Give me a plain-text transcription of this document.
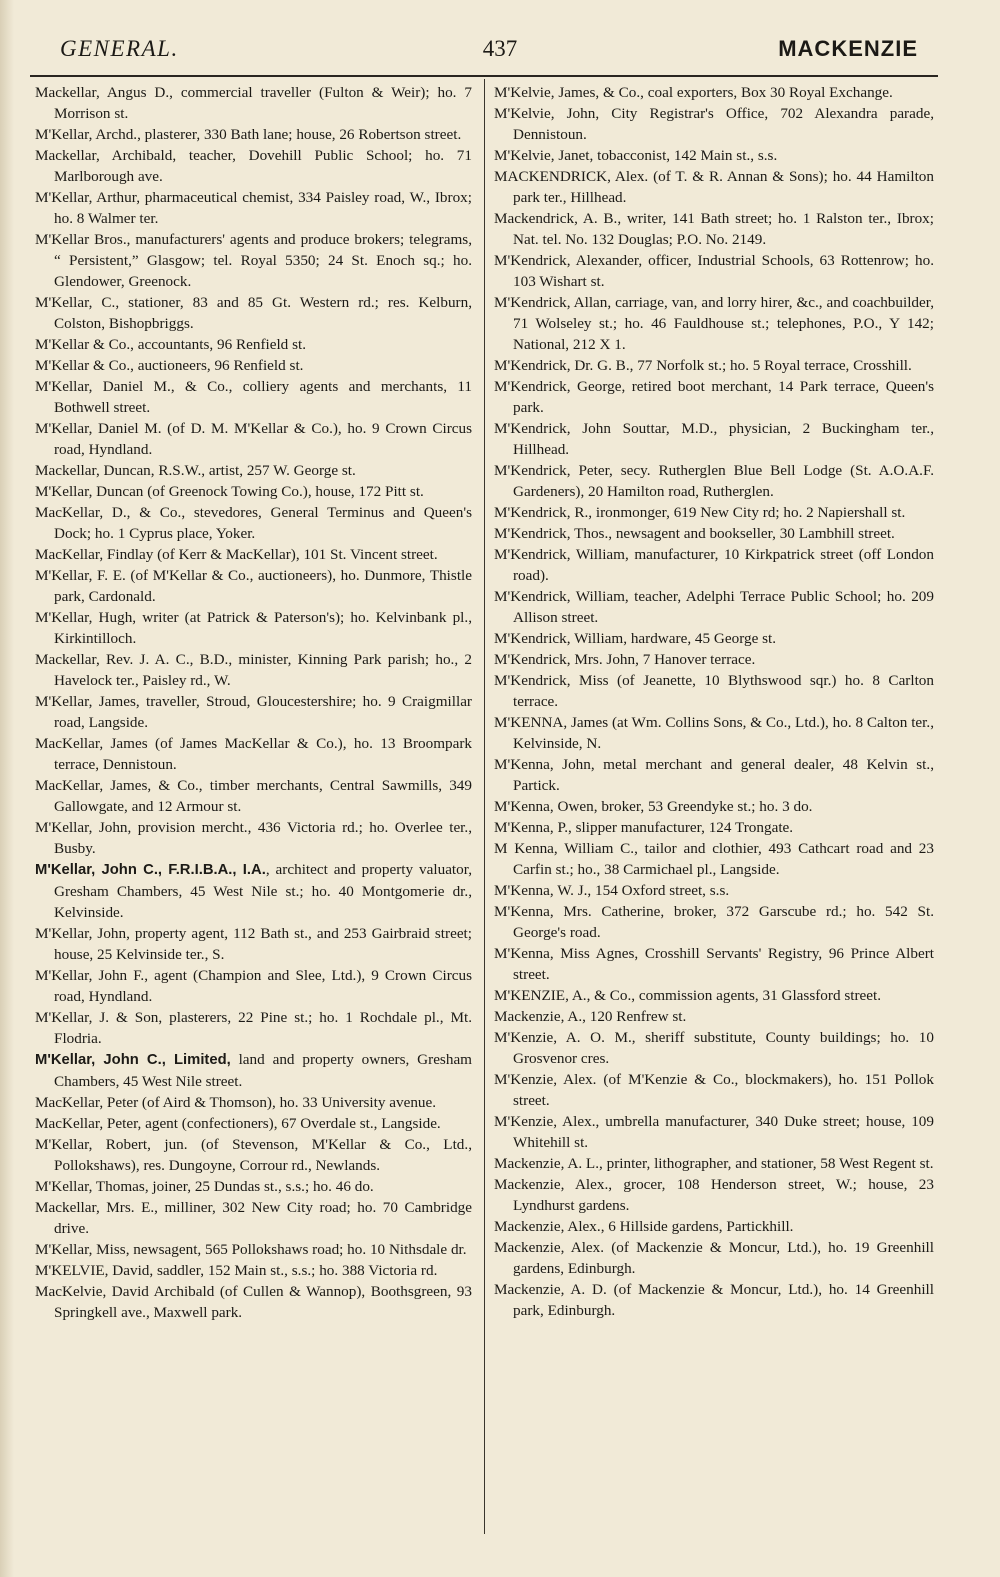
GENERAL.	437	MACKENZIE

Mackellar, Angus D., commercial traveller (Fulton & Weir); ho. 7 Morrison st.

M'Kellar, Archd., plasterer, 330 Bath lane; house, 26 Robertson street.

Mackellar, Archibald, teacher, Dovehill Public School; ho. 71 Marlborough ave.

M'Kellar, Arthur, pharmaceutical chemist, 334 Paisley road, W., Ibrox; ho. 8 Walmer ter.

M'Kellar Bros., manufacturers' agents and produce brokers; telegrams, “ Persistent,” Glasgow; tel. Royal 5350; 24 St. Enoch sq.; ho. Glendower, Greenock.

M'Kellar, C., stationer, 83 and 85 Gt. Western rd.; res. Kelburn, Colston, Bishopbriggs.

M'Kellar & Co., accountants, 96 Renfield st.

M'Kellar & Co., auctioneers, 96 Renfield st.

M'Kellar, Daniel M., & Co., colliery agents and merchants, 11 Bothwell street.

M'Kellar, Daniel M. (of D. M. M'Kellar & Co.), ho. 9 Crown Circus road, Hyndland.

Mackellar, Duncan, R.S.W., artist, 257 W. George st.

M'Kellar, Duncan (of Greenock Towing Co.), house, 172 Pitt st.

MacKellar, D., & Co., stevedores, General Terminus and Queen's Dock; ho. 1 Cyprus place, Yoker.

MacKellar, Findlay (of Kerr & MacKellar), 101 St. Vincent street.

M'Kellar, F. E. (of M'Kellar & Co., auctioneers), ho. Dunmore, Thistle park, Cardonald.

M'Kellar, Hugh, writer (at Patrick & Paterson's); ho. Kelvinbank pl., Kirkintilloch.

Mackellar, Rev. J. A. C., B.D., minister, Kinning Park parish; ho., 2 Havelock ter., Paisley rd., W.

M'Kellar, James, traveller, Stroud, Gloucestershire; ho. 9 Craigmillar road, Langside.

MacKellar, James (of James MacKellar & Co.), ho. 13 Broompark terrace, Dennistoun.

MacKellar, James, & Co., timber merchants, Central Sawmills, 349 Gallowgate, and 12 Armour st.

M'Kellar, John, provision mercht., 436 Victoria rd.; ho. Overlee ter., Busby.

M'Kellar, John C., F.R.I.B.A., I.A., architect and property valuator, Gresham Chambers, 45 West Nile st.; ho. 40 Montgomerie dr., Kelvinside.

M'Kellar, John, property agent, 112 Bath st., and 253 Gairbraid street; house, 25 Kelvinside ter., S.

M'Kellar, John F., agent (Champion and Slee, Ltd.), 9 Crown Circus road, Hyndland.

M'Kellar, J. & Son, plasterers, 22 Pine st.; ho. 1 Rochdale pl., Mt. Flodria.

M'Kellar, John C., Limited, land and property owners, Gresham Chambers, 45 West Nile street.

MacKellar, Peter (of Aird & Thomson), ho. 33 University avenue.

MacKellar, Peter, agent (confectioners), 67 Overdale st., Langside.

M'Kellar, Robert, jun. (of Stevenson, M'Kellar & Co., Ltd., Pollokshaws), res. Dungoyne, Corrour rd., Newlands.

M'Kellar, Thomas, joiner, 25 Dundas st., s.s.; ho. 46 do.

Mackellar, Mrs. E., milliner, 302 New City road; ho. 70 Cambridge drive.

M'Kellar, Miss, newsagent, 565 Pollokshaws road; ho. 10 Nithsdale dr.

M'KELVIE, David, saddler, 152 Main st., s.s.; ho. 388 Victoria rd.

MacKelvie, David Archibald (of Cullen & Wannop), Boothsgreen, 93 Springkell ave., Maxwell park.

M'Kelvie, James, & Co., coal exporters, Box 30 Royal Exchange.

M'Kelvie, John, City Registrar's Office, 702 Alexandra parade, Dennistoun.

M'Kelvie, Janet, tobacconist, 142 Main st., s.s.

MACKENDRICK, Alex. (of T. & R. Annan & Sons); ho. 44 Hamilton park ter., Hillhead.

Mackendrick, A. B., writer, 141 Bath street; ho. 1 Ralston ter., Ibrox; Nat. tel. No. 132 Douglas; P.O. No. 2149.

M'Kendrick, Alexander, officer, Industrial Schools, 63 Rottenrow; ho. 103 Wishart st.

M'Kendrick, Allan, carriage, van, and lorry hirer, &c., and coachbuilder, 71 Wolseley st.; ho. 46 Fauldhouse st.; telephones, P.O., Y 142; National, 212 X 1.

M'Kendrick, Dr. G. B., 77 Norfolk st.; ho. 5 Royal terrace, Crosshill.

M'Kendrick, George, retired boot merchant, 14 Park terrace, Queen's park.

M'Kendrick, John Souttar, M.D., physician, 2 Buckingham ter., Hillhead.

M'Kendrick, Peter, secy. Rutherglen Blue Bell Lodge (St. A.O.A.F. Gardeners), 20 Hamilton road, Rutherglen.

M'Kendrick, R., ironmonger, 619 New City rd; ho. 2 Napiershall st.

M'Kendrick, Thos., newsagent and bookseller, 30 Lambhill street.

M'Kendrick, William, manufacturer, 10 Kirkpatrick street (off London road).

M'Kendrick, William, teacher, Adelphi Terrace Public School; ho. 209 Allison street.

M'Kendrick, William, hardware, 45 George st.

M'Kendrick, Mrs. John, 7 Hanover terrace.

M'Kendrick, Miss (of Jeanette, 10 Blythswood sqr.) ho. 8 Carlton terrace.

M'KENNA, James (at Wm. Collins Sons, & Co., Ltd.), ho. 8 Calton ter., Kelvinside, N.

M'Kenna, John, metal merchant and general dealer, 48 Kelvin st., Partick.

M'Kenna, Owen, broker, 53 Greendyke st.; ho. 3 do.

M'Kenna, P., slipper manufacturer, 124 Trongate.

M Kenna, William C., tailor and clothier, 493 Cathcart road and 23 Carfin st.; ho., 38 Carmichael pl., Langside.

M'Kenna, W. J., 154 Oxford street, s.s.

M'Kenna, Mrs. Catherine, broker, 372 Garscube rd.; ho. 542 St. George's road.

M'Kenna, Miss Agnes, Crosshill Servants' Registry, 96 Prince Albert street.

M'KENZIE, A., & Co., commission agents, 31 Glassford street.

Mackenzie, A., 120 Renfrew st.

M'Kenzie, A. O. M., sheriff substitute, County buildings; ho. 10 Grosvenor cres.

M'Kenzie, Alex. (of M'Kenzie & Co., blockmakers), ho. 151 Pollok street.

M'Kenzie, Alex., umbrella manufacturer, 340 Duke street; house, 109 Whitehill st.

Mackenzie, A. L., printer, lithographer, and stationer, 58 West Regent st.

Mackenzie, Alex., grocer, 108 Henderson street, W.; house, 23 Lyndhurst gardens.

Mackenzie, Alex., 6 Hillside gardens, Partickhill.

Mackenzie, Alex. (of Mackenzie & Moncur, Ltd.), ho. 19 Greenhill gardens, Edinburgh.

Mackenzie, A. D. (of Mackenzie & Moncur, Ltd.), ho. 14 Greenhill park, Edinburgh.
